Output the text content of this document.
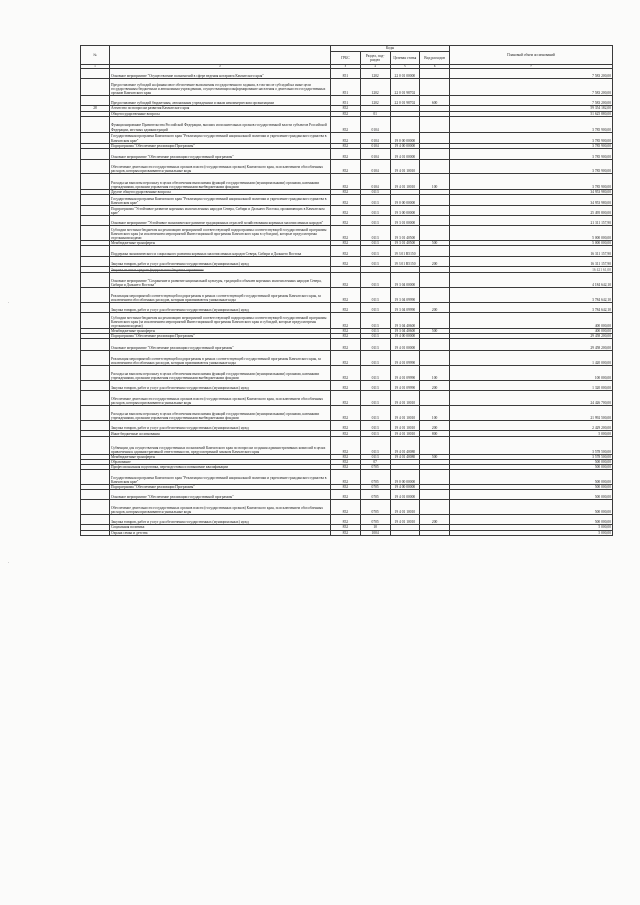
·
·
№		Коды				Плановый объем ассигнований
		ГРБС	Раздел, под-раздел	Целевая статья	Вид расходов	
1	2	3	4	5	6	7
	Основное мероприятие "Осуществление полномочий в сфере ведения нотариата Камчатского края"	851	1202	22 0 01 00000		7 583 200,00
	Предоставление субсидий на финансовое обеспечение выполнения государственного задания, в том числе субсидий на иные цели государственным бюджетным и автономным учреждениям, осуществляющим информирование населения о деятельности государственных органов Камчатского края	851	1202	22 0 01 98702		7 583 200,00
	Предоставление субсидий бюджетным, автономным учреждениям и иным некоммерческим организациям	851	1202	22 0 01 98702	600	7 583 200,00
28	Агентство по вопросам развития Камчатского края	852				59 354 182,00
	Общегосударственные вопросы	852	01			51 625 880,00
	Функционирование Правительства Российской Федерации, высших исполнительных органов государственной власти субъектов Российской Федерации, местных администраций	852	0104			3 785 900,00
	Государственная программа Камчатского края "Реализация государственной национальной политики и укрепление гражданского единства в Камчатском крае"	852	0104	19 0 00 00000		3 785 900,00
	Подпрограмма "Обеспечение реализации Программы"	852	0104	19 4 00 00000		3 785 900,00
	Основное мероприятие "Обеспечение реализации государственной программы"	852	0104	19 4 01 00000		3 785 900,00
	Обеспечение деятельности государственных органов власти (государственных органов) Камчатского края, за исключением обособленных расходов, которым присваиваются уникальные коды	852	0104	19 4 01 10010		3 785 900,00
	Расходы на выплаты персоналу в целях обеспечения выполнения функций государственными (муниципальными) органами, казенными учреждениями, органами управления государственными внебюджетными фондами	852	0104	19 4 01 10010	100	3 785 900,00
	Другие общегосударственные вопросы	852	0113			34 953 980,00
	Государственная программа Камчатского края "Реализация государственной национальной политики и укрепление гражданского единства в Камчатском крае"	852	0113	19 0 00 00000		34 953 980,00
	Подпрограмма "Устойчивое развитие коренных малочисленных народов Севера, Сибири и Дальнего Востока, проживающих в Камчатском крае"	852	0113	19 3 00 00000		25 495 800,00
	Основное мероприятие "Устойчивое экономическое развитие традиционных отраслей хозяйствования коренных малочисленных народов"	852	0113	19 3 01 00000		21 311 157,90
	Субсидии местным бюджетам на реализацию мероприятий соответствующей подпрограммы соответствующей государственной программы Камчатского края (за исключением мероприятий Инвестиционной программы Камчатского края в субсидии), которые предусмотрены отдельными кодами	852	0113	19 3 01 40500		5 000 000,00
	Межбюджетные трансферты	852	0113	19 3 01 40500	500	5 000 000,00
	Поддержка экономического и социального развития коренных малочисленных народов Севера, Сибири и Дальнего Востока	852	0113	19 3 01 R5150		16 311 157,90
	Закупка товаров, работ и услуг для обеспечения государственных (муниципальных) нужд	852	0113	19 3 01 R5150	200	16 311 157,90
	Закупка из иных средств федерального бюджета ограничено					16 421 61,00
	Основное мероприятие "Сохранение и развитие национальной культуры, традиций и обычаев коренных малочисленных народов Севера, Сибири и Дальнего Востока"	852	0113	19 3 04 00000		4 184 642,10
	Реализация мероприятий соответствующей подпрограммы в рамках соответствующей государственной программы Камчатского края, за исключением обособленных расходов, которым присваиваются уникальные коды	852	0113	19 3 04 09990		3 784 642,10
	Закупка товаров, работ и услуг для обеспечения государственных (муниципальных) нужд	852	0113	19 3 04 09990	200	3 784 642,10
	Субсидии местным бюджетам на реализацию мероприятий соответствующей подпрограммы соответствующей государственной программы Камчатского края (за исключением мероприятий Инвестиционной программы Камчатского края и субсидий, которые предусмотрены отдельными кодами)	852	0113	19 3 04 40600		400 000,00
	Межбюджетные трансферты	852	0113	19 3 04 40600	500	400 000,00
	Подпрограмма "Обеспечение реализации Программы"	852	0113	19 4 00 00000		29 458 200,00
	Основное мероприятие "Обеспечение реализации государственной программы"	852	0113	19 4 01 00000		29 458 200,00
	Реализация мероприятий соответствующей подпрограммы в рамках соответствующей государственной программы Камчатского края, за исключением обособленных расходов, которым присваиваются уникальные коды	852	0113	19 4 01 09990		1 420 000,00
	Расходы на выплаты персоналу в целях обеспечения выполнения функций государственными (муниципальными) органами, казенными учреждениями, органами управления государственными внебюджетными фондами	852	0113	19 4 01 09990	100	100 000,00
	Закупка товаров, работ и услуг для обеспечения государственных (муниципальных) нужд	852	0113	19 4 01 09990	200	1 320 000,00
	Обеспечение деятельности государственных органов власти (государственных органов) Камчатского края, за исключением обособленных расходов, которым присваиваются уникальные коды	852	0113	19 4 01 10010		24 426 700,00
	Расходы на выплаты персоналу в целях обеспечения выполнения функций государственными (муниципальными) органами, казенными учреждениями, органами управления государственными внебюджетными фондами	852	0113	19 4 01 10010	100	21 992 500,00
	Закупка товаров, работ и услуг для обеспечения государственных (муниципальных) нужд	852	0113	19 4 01 10010	200	2 429 200,00
	Иные бюджетные ассигнования	852	0113	19 4 01 10010	800	5 000,00
	Субвенции для осуществления государственных полномочий Камчатского края по вопросам создания административных комиссий в целях привлечения к административной ответственности, предусмотренной законом Камчатского края	852	0113	19 4 01 40080		3 578 500,00
	Межбюджетные трансферты	852	0113	19 4 01 40080	500	3 578 500,00
	Образование	852	07			500 000,00
	Профессиональная подготовка, переподготовка и повышение квалификации	852	0705			500 000,00
	Государственная программа Камчатского края "Реализация государственной национальной политики и укрепление гражданского единства в Камчатском крае"	852	0705	19 0 00 00000		500 000,00
	Подпрограмма "Обеспечение реализации Программы"	852	0705	19 4 00 00000		500 000,00
	Основное мероприятие "Обеспечение реализации государственной программы"	852	0705	19 4 01 00000		500 000,00
	Обеспечение деятельности государственных органов власти (государственных органов) Камчатского края, за исключением обособленных расходов, которым присваиваются уникальные коды	852	0705	19 4 01 10010		500 000,00
	Закупка товаров, работ и услуг для обеспечения государственных (муниципальных) нужд	852	0705	19 4 01 10010	200	500 000,00
	Социальная политика	852	10			5 000,00
	Охрана семьи и детства	852	1004			5 000,00
